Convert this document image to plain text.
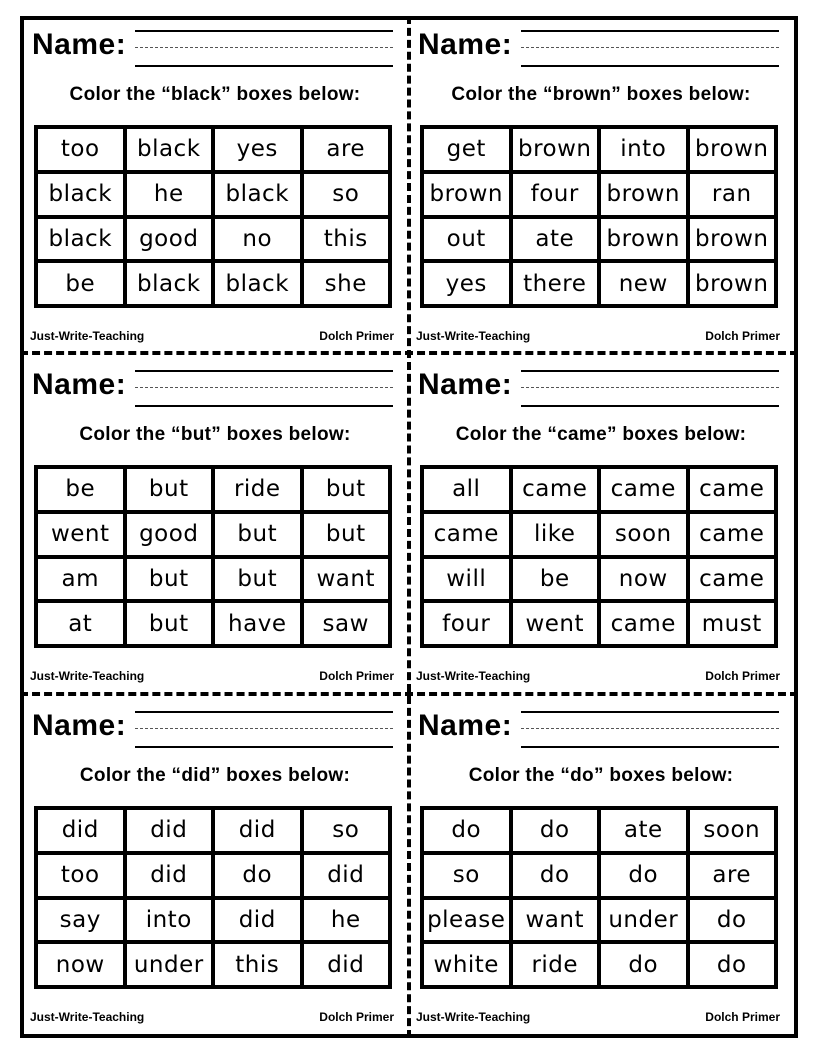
Name:
Color the “black” boxes below:
too	black	yes	are
black	he	black	so
black	good	no	this
be	black	black	she
Just-Write-Teaching	Dolch Primer
Name:
Color the “brown” boxes below:
get	brown	into	brown
brown	four	brown	ran
out	ate	brown	brown
yes	there	new	brown
Just-Write-Teaching	Dolch Primer
Name:
Color the “but” boxes below:
be	but	ride	but
went	good	but	but
am	but	but	want
at	but	have	saw
Just-Write-Teaching	Dolch Primer
Name:
Color the “came” boxes below:
all	came	came	came
came	like	soon	came
will	be	now	came
four	went	came	must
Just-Write-Teaching	Dolch Primer
Name:
Color the “did” boxes below:
did	did	did	so
too	did	do	did
say	into	did	he
now	under	this	did
Just-Write-Teaching	Dolch Primer
Name:
Color the “do” boxes below:
do	do	ate	soon
so	do	do	are
please	want	under	do
white	ride	do	do
Just-Write-Teaching	Dolch Primer
